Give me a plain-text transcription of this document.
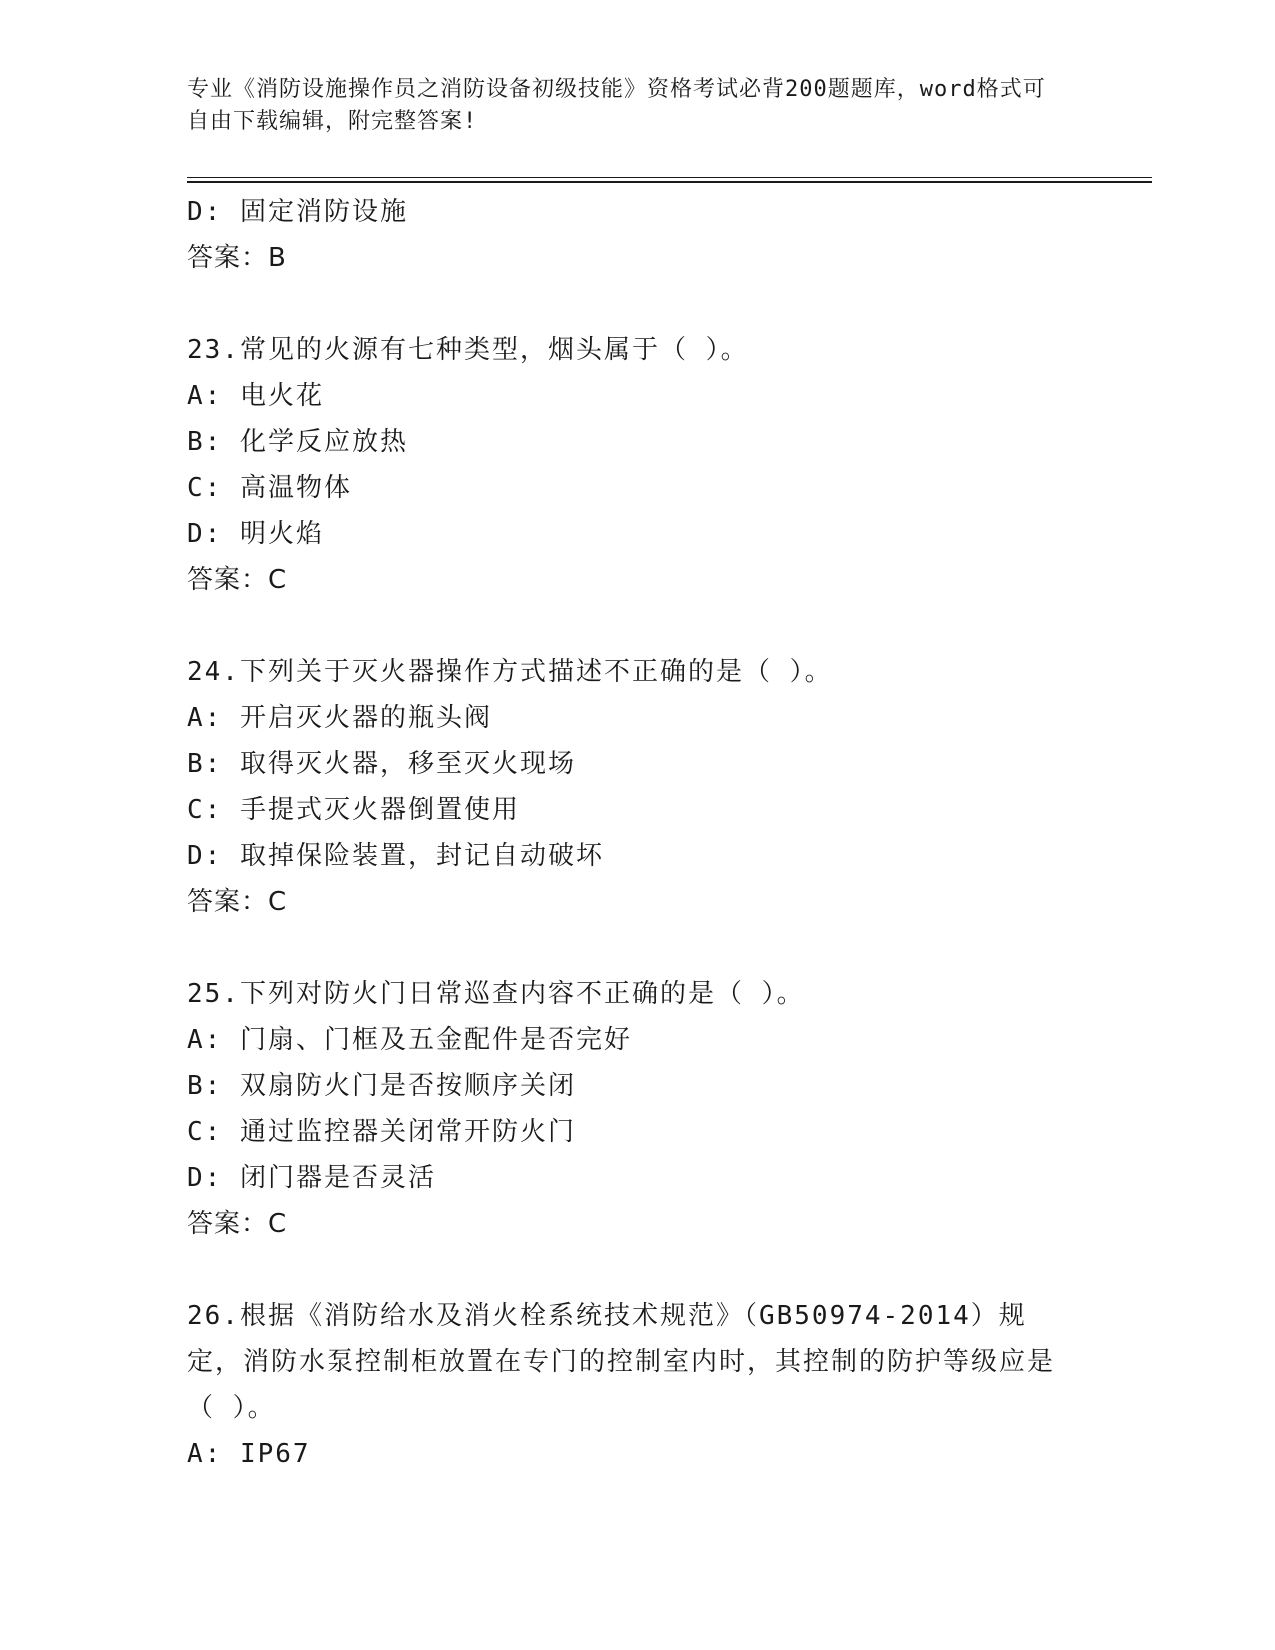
专业《消防设施操作员之消防设备初级技能》资格考试必背200题题库，word格式可自由下载编辑，附完整答案!
D: 固定消防设施
答案：B
23.常见的火源有七种类型，烟头属于（ ）。
A: 电火花
B: 化学反应放热
C: 高温物体
D: 明火焰
答案：C
24.下列关于灭火器操作方式描述不正确的是（ ）。
A: 开启灭火器的瓶头阀
B: 取得灭火器，移至灭火现场
C: 手提式灭火器倒置使用
D: 取掉保险装置，封记自动破坏
答案：C
25.下列对防火门日常巡查内容不正确的是（ ）。
A: 门扇、门框及五金配件是否完好
B: 双扇防火门是否按顺序关闭
C: 通过监控器关闭常开防火门
D: 闭门器是否灵活
答案：C
26.根据《消防给水及消火栓系统技术规范》（GB50974-2014）规定，消防水泵控制柜放置在专门的控制室内时，其控制的防护等级应是（ ）。
A: IP67
